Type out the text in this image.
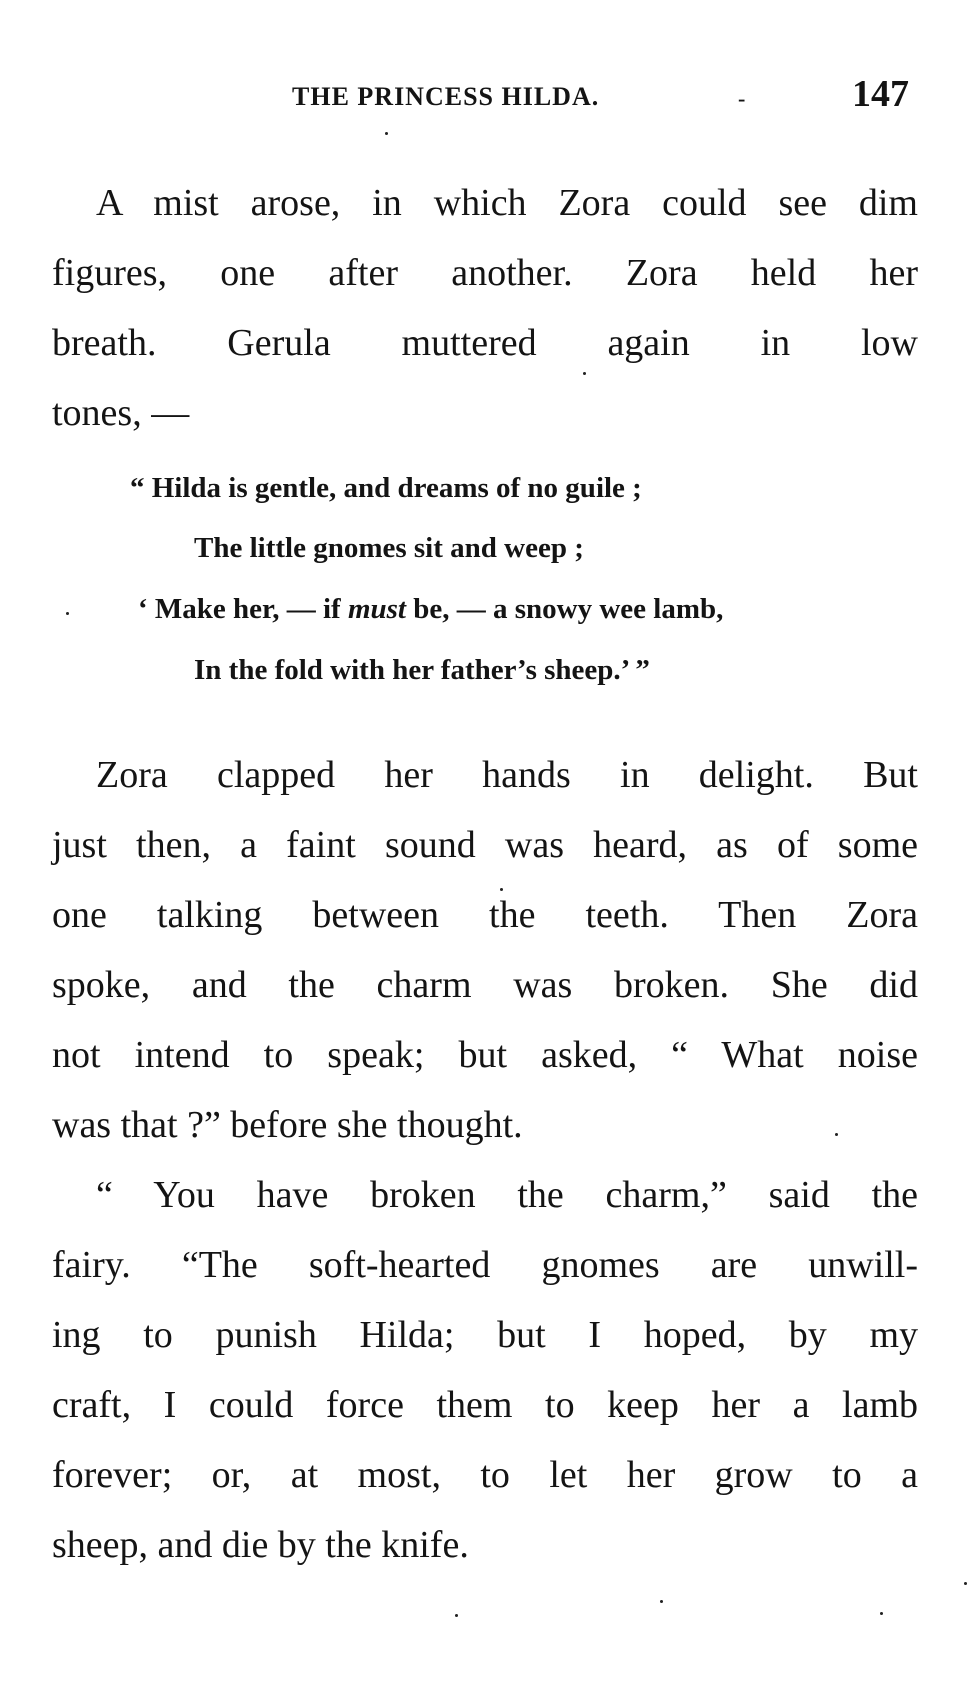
THE PRINCESS HILDA.	-	147

A mist arose, in which Zora could see dim
figures, one after another. Zora held her
breath. Gerula muttered again in low
tones, —

“ Hilda is gentle, and dreams of no guile ;
The little gnomes sit and weep ;
‘ Make her, — if must be, — a snowy wee lamb,
In the fold with her father’s sheep.’ ”

Zora clapped her hands in delight. But
just then, a faint sound was heard, as of some
one talking between the teeth. Then Zora
spoke, and the charm was broken. She did
not intend to speak; but asked, “ What noise
was that ?” before she thought.

“ You have broken the charm,” said the
fairy. “The soft-hearted gnomes are unwill-
ing to punish Hilda; but I hoped, by my
craft, I could force them to keep her a lamb
forever; or, at most, to let her grow to a
sheep, and die by the knife.
